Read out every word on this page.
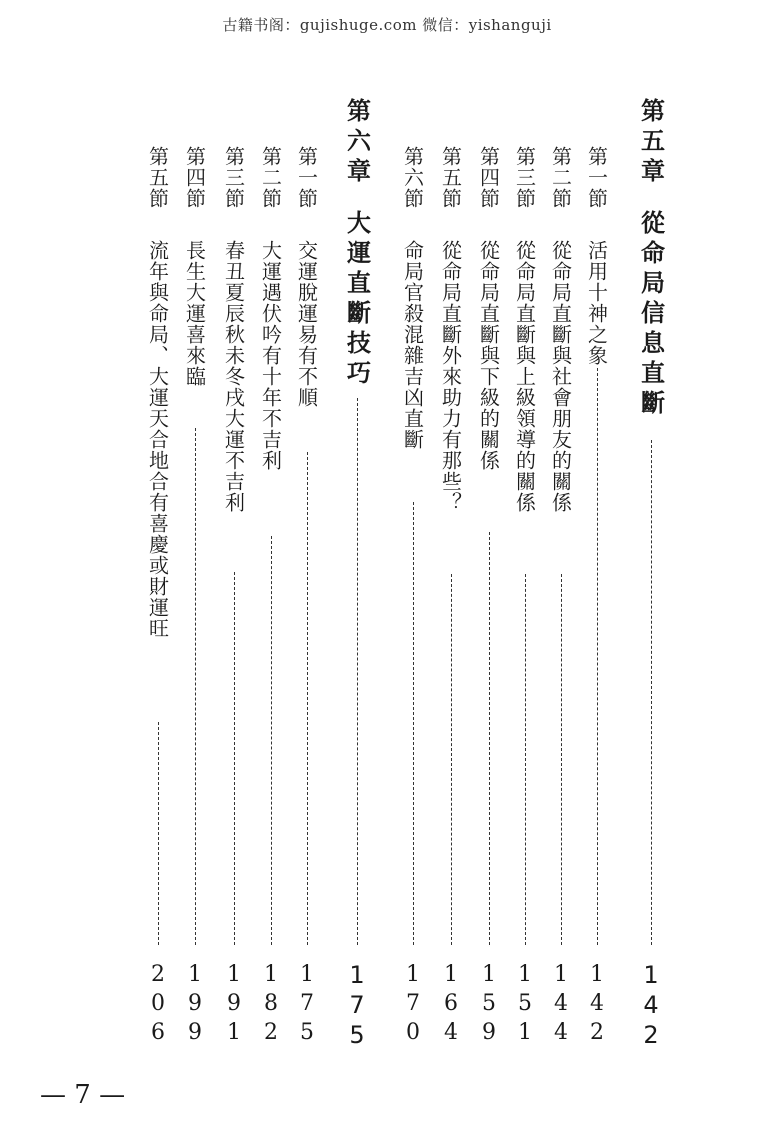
古籍书阁：gujishuge.com 微信：yishanguji
第五章從命局信息直斷
142
第一節
活用十神之象
142
第二節
從命局直斷與社會朋友的關係
144
第三節
從命局直斷與上級領導的關係
151
第四節
從命局直斷與下級的關係
159
第五節
從命局直斷外來助力有那些？
164
第六節
命局官殺混雜吉凶直斷
170
第六章大運直斷技巧
175
第一節
交運脫運易有不順
175
第二節
大運遇伏吟有十年不吉利
182
第三節
春丑夏辰秋未冬戌大運不吉利
191
第四節
長生大運喜來臨
199
第五節
流年與命局、大運天合地合有喜慶或財運旺
206
— 7 —
